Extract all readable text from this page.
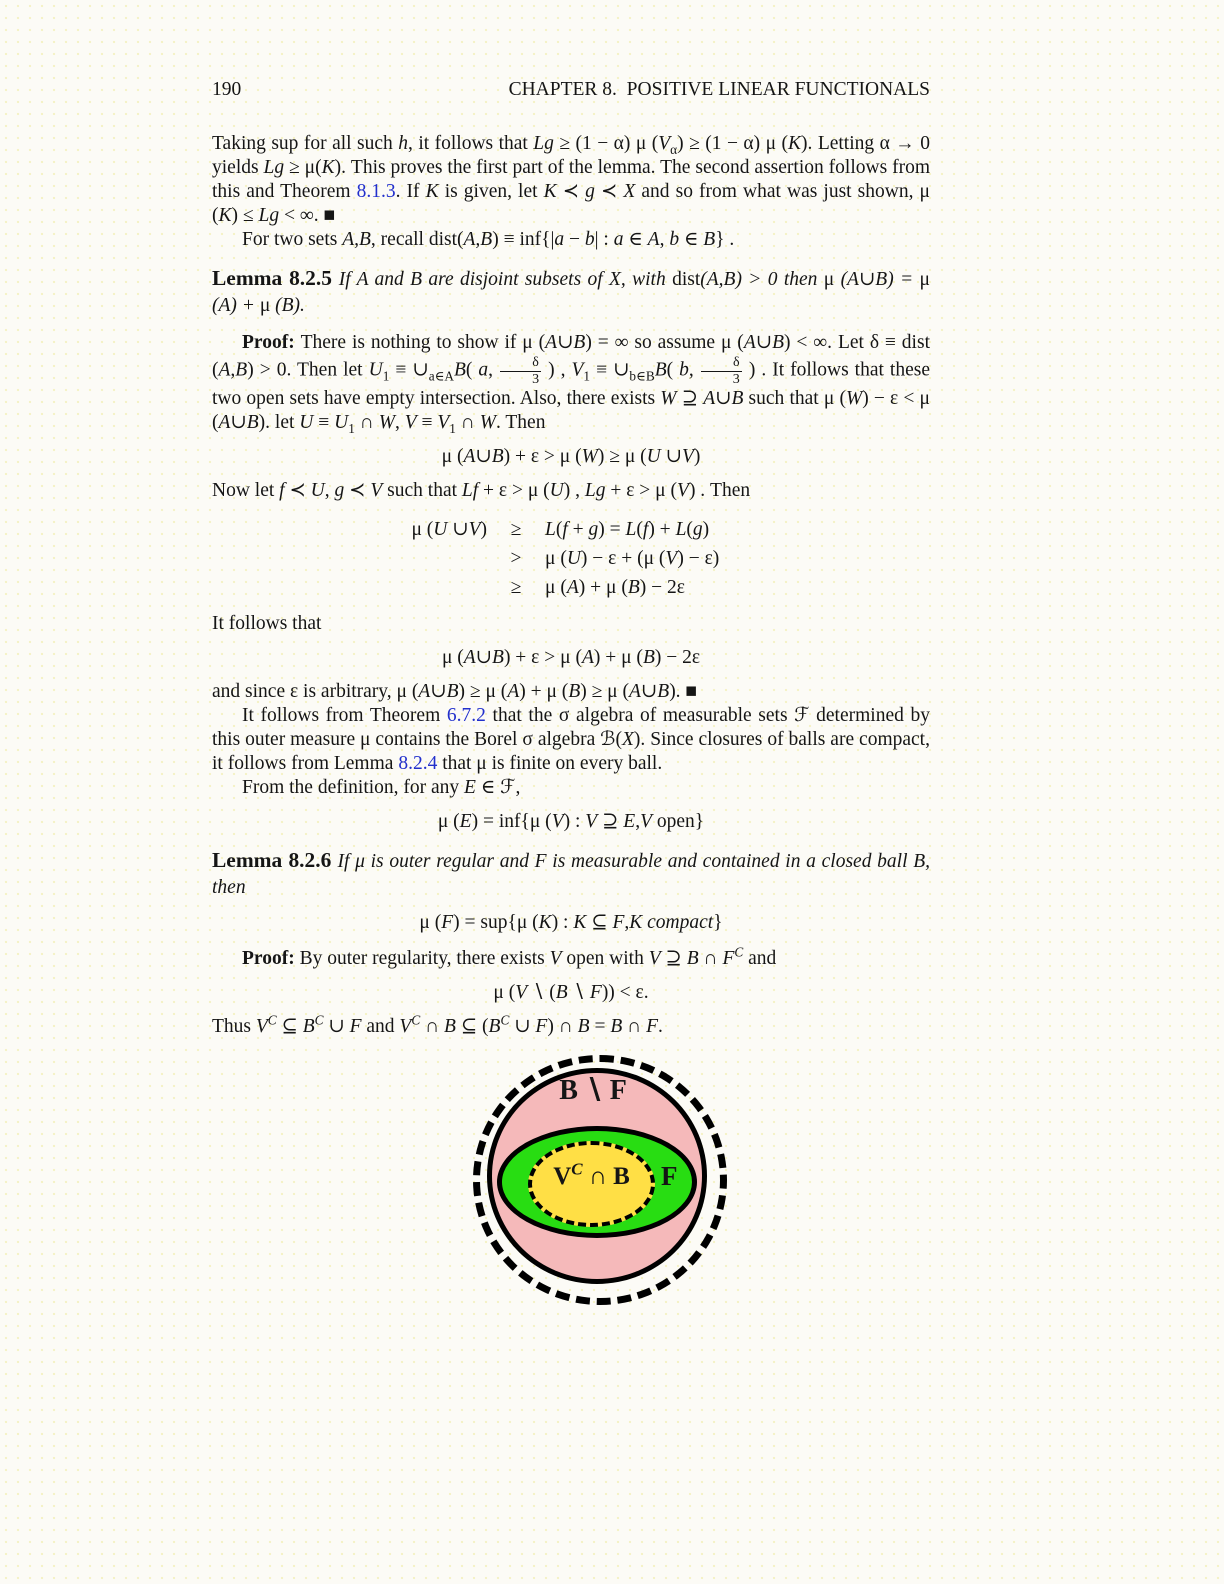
190	CHAPTER 8.  POSITIVE LINEAR FUNCTIONALS

Taking sup for all such h, it follows that Lg ≥ (1 − α) μ $(V_\alpha) \ge (1 - \alpha)$ μ (K). Letting α → 0 yields Lg ≥ μ(K). This proves the first part of the lemma. The second assertion follows from this and Theorem 8.1.3. If K is given, let K ≺ g ≺ X and so from what was just shown, μ (K) ≤ Lg < ∞. ■

For two sets A,B, recall dist(A,B) ≡ inf{|a − b| : a ∈ A, b ∈ B} .

Lemma 8.2.5 If A and B are disjoint subsets of X, with dist(A,B) > 0 then μ (A∪B) = μ (A) + μ (B).

Proof: There is nothing to show if μ (A∪B) = ∞ so assume μ (A∪B) < ∞. Let δ ≡ dist (A,B) > 0. Then let $U_1$ ≡ $\cup_{a\in A}B$( a, $\frac{\delta}{3}$ ) , $V_1$ ≡ $\cup_{b\in B}B$( b, $\frac{\delta}{3}$ ) . It follows that these two open sets have empty intersection. Also, there exists W ⊇ A∪B such that μ (W) − ε < μ (A∪B). let $U \equiv U_1$ ∩ W, $V \equiv V_1$ ∩ W. Then

μ (A∪B) + ε > μ (W) ≥ μ (U ∪V)

Now let f ≺ U, g ≺ V such that Lf + ε > μ (U) , Lg + ε > μ (V) . Then

μ (U ∪V)	≥	L(f + g) = L(f) + L(g)
>	μ (U) − ε + (μ (V) − ε)
≥	μ (A) + μ (B) − 2ε

It follows that

μ (A∪B) + ε > μ (A) + μ (B) − 2ε

and since ε is arbitrary, μ (A∪B) ≥ μ (A) + μ (B) ≥ μ (A∪B). ■

It follows from Theorem 6.7.2 that the σ algebra of measurable sets ℱ determined by this outer measure μ contains the Borel σ algebra ℬ(X). Since closures of balls are compact, it follows from Lemma 8.2.4 that μ is finite on every ball.

From the definition, for any E ∈ ℱ,

μ (E) = inf{μ (V) : V ⊇ E,V open}

Lemma 8.2.6 If μ is outer regular and F is measurable and contained in a closed ball B, then

μ (F) = sup{μ (K) : K ⊆ F,K compact}

Proof: By outer regularity, there exists V open with V ⊇ B ∩ $F^C$ and

μ (V ∖ (B ∖ F)) < ε.

Thus $V^C$ ⊆ $B^C$ ∪ F and $V^C$ ∩ B ⊆ ($B^C$ ∪ F) ∩ B = B ∩ F.

B ∖ F
F
$V^C$ ∩ B
